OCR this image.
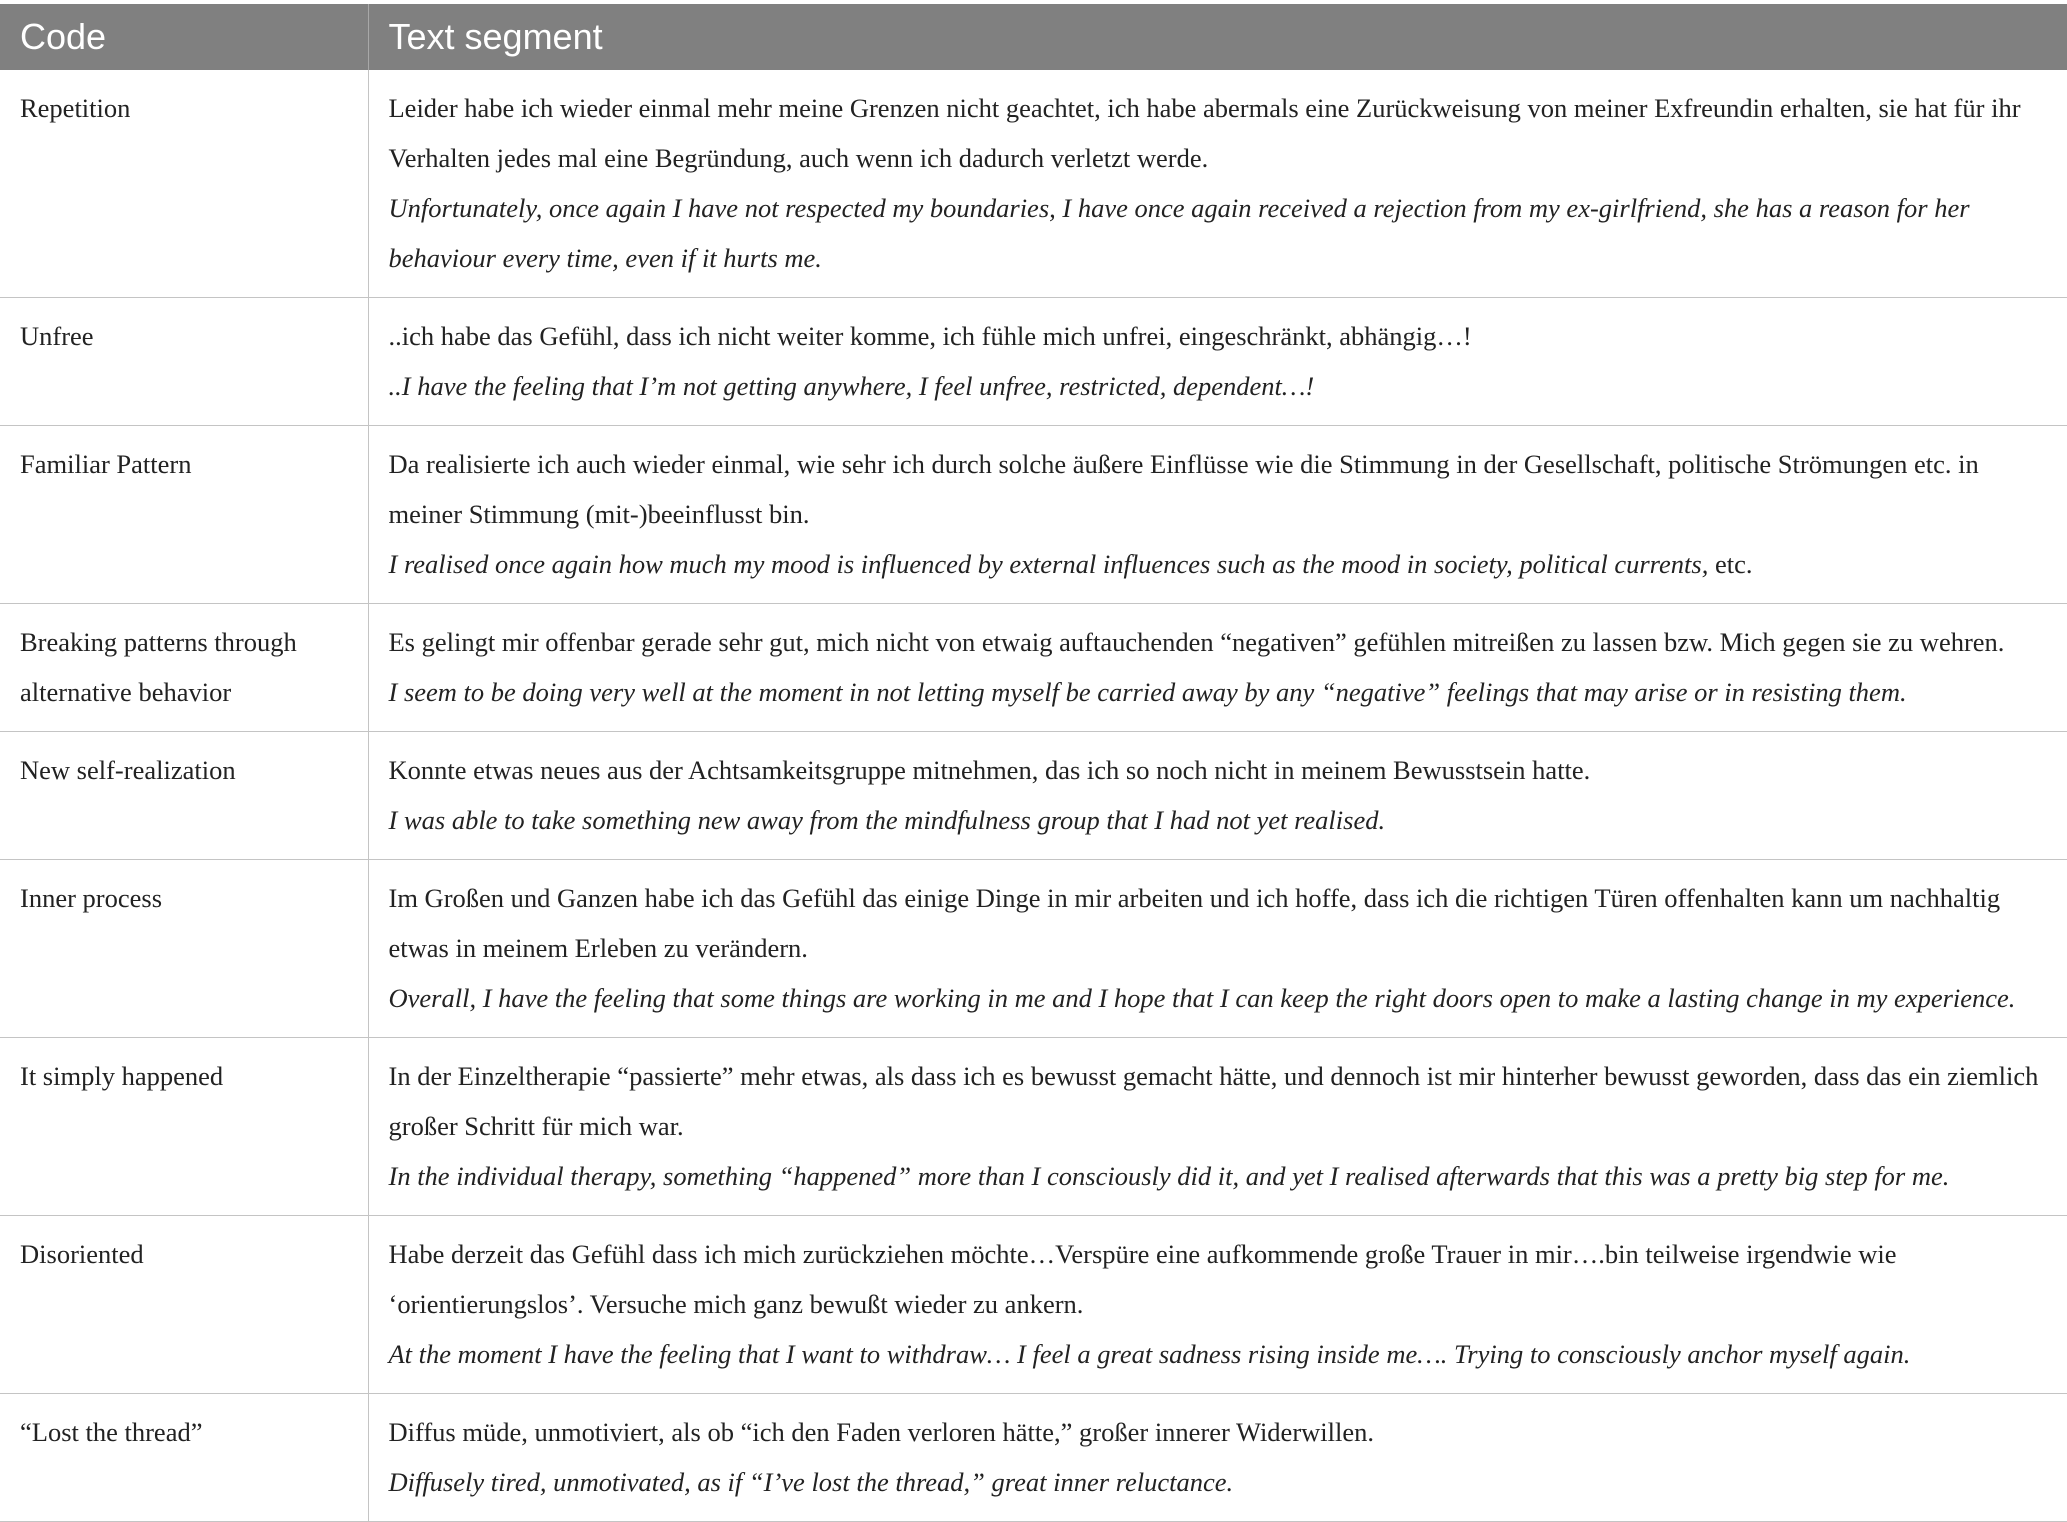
Code	Text segment
Repetition	Leider habe ich wieder einmal mehr meine Grenzen nicht geachtet, ich habe abermals eine Zurückweisung von meiner Exfreundin erhalten, sie hat für ihr Verhalten jedes mal eine Begründung, auch wenn ich dadurch verletzt werde.
Unfortunately, once again I have not respected my boundaries, I have once again received a rejection from my ex-girlfriend, she has a reason for her behaviour every time, even if it hurts me.

Unfree	..ich habe das Gefühl, dass ich nicht weiter komme, ich fühle mich unfrei, eingeschränkt, abhängig…!
..I have the feeling that I’m not getting anywhere, I feel unfree, restricted, dependent…!

Familiar Pattern	Da realisierte ich auch wieder einmal, wie sehr ich durch solche äußere Einflüsse wie die Stimmung in der Gesellschaft, politische Strömungen etc. in meiner Stimmung (mit-)beeinflusst bin.
I realised once again how much my mood is influenced by external influences such as the mood in society, political currents, etc.
Breaking patterns through alternative behavior	Es gelingt mir offenbar gerade sehr gut, mich nicht von etwaig auftauchenden “negativen” gefühlen mitreißen zu lassen bzw. Mich gegen sie zu wehren.
I seem to be doing very well at the moment in not letting myself be carried away by any “negative” feelings that may arise or in resisting them.

New self-realization	Konnte etwas neues aus der Achtsamkeitsgruppe mitnehmen, das ich so noch nicht in meinem Bewusstsein hatte.
I was able to take something new away from the mindfulness group that I had not yet realised.

Inner process	Im Großen und Ganzen habe ich das Gefühl das einige Dinge in mir arbeiten und ich hoffe, dass ich die richtigen Türen offenhalten kann um nachhaltig etwas in meinem Erleben zu verändern.
Overall, I have the feeling that some things are working in me and I hope that I can keep the right doors open to make a lasting change in my experience.

It simply happened	In der Einzeltherapie “passierte” mehr etwas, als dass ich es bewusst gemacht hätte, und dennoch ist mir hinterher bewusst geworden, dass das ein ziemlich großer Schritt für mich war.
In the individual therapy, something “happened” more than I consciously did it, and yet I realised afterwards that this was a pretty big step for me.

Disoriented	Habe derzeit das Gefühl dass ich mich zurückziehen möchte…Verspüre eine aufkommende große Trauer in mir….bin teilweise irgendwie wie ‘orientierungslos’. Versuche mich ganz bewußt wieder zu ankern.
At the moment I have the feeling that I want to withdraw… I feel a great sadness rising inside me…. Trying to consciously anchor myself again.

“Lost the thread”	Diffus müde, unmotiviert, als ob “ich den Faden verloren hätte,” großer innerer Widerwillen.
Diffusely tired, unmotivated, as if “I’ve lost the thread,” great inner reluctance.
